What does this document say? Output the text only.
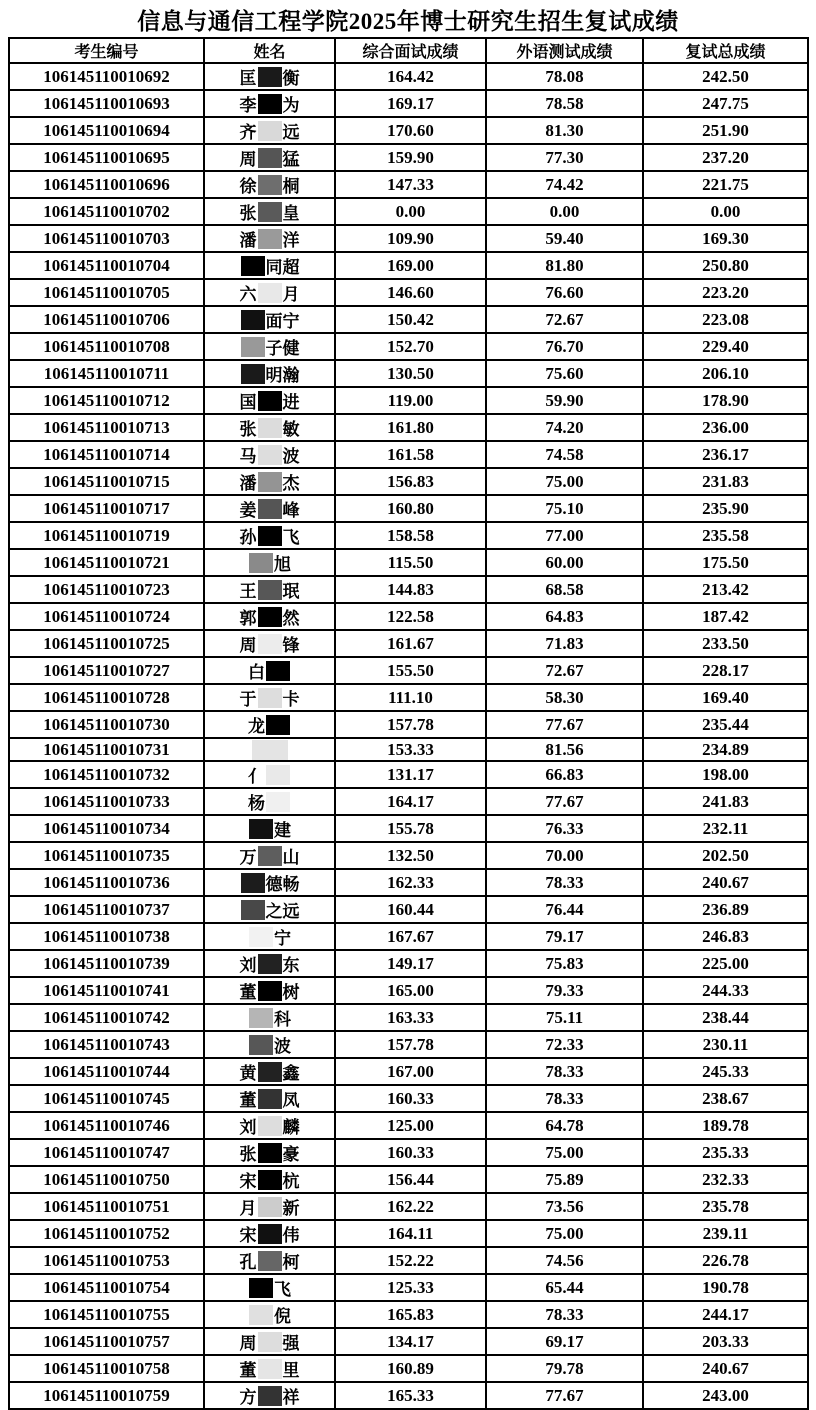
信息与通信工程学院2025年博士研究生招生复试成绩
考生编号	姓名	综合面试成绩	外语测试成绩	复试总成绩
106145110010692	匡 衡	164.42	78.08	242.50
106145110010693	李 为	169.17	78.58	247.75
106145110010694	齐 远	170.60	81.30	251.90
106145110010695	周 猛	159.90	77.30	237.20
106145110010696	徐 桐	147.33	74.42	221.75
106145110010702	张 皇	0.00	0.00	0.00
106145110010703	潘 洋	109.90	59.40	169.30
106145110010704	同超	169.00	81.80	250.80
106145110010705	六 月	146.60	76.60	223.20
106145110010706	面宁	150.42	72.67	223.08
106145110010708	子健	152.70	76.70	229.40
106145110010711	明瀚	130.50	75.60	206.10
106145110010712	国 进	119.00	59.90	178.90
106145110010713	张 敏	161.80	74.20	236.00
106145110010714	马 波	161.58	74.58	236.17
106145110010715	潘 杰	156.83	75.00	231.83
106145110010717	姜 峰	160.80	75.10	235.90
106145110010719	孙 飞	158.58	77.00	235.58
106145110010721	旭	115.50	60.00	175.50
106145110010723	王 珉	144.83	68.58	213.42
106145110010724	郭 然	122.58	64.83	187.42
106145110010725	周 锋	161.67	71.83	233.50
106145110010727	白	155.50	72.67	228.17
106145110010728	于 卡	111.10	58.30	169.40
106145110010730	龙	157.78	77.67	235.44
106145110010731		153.33	81.56	234.89
106145110010732	亻	131.17	66.83	198.00
106145110010733	杨	164.17	77.67	241.83
106145110010734	建	155.78	76.33	232.11
106145110010735	万 山	132.50	70.00	202.50
106145110010736	德畅	162.33	78.33	240.67
106145110010737	之远	160.44	76.44	236.89
106145110010738	宁	167.67	79.17	246.83
106145110010739	刘 东	149.17	75.83	225.00
106145110010741	董 树	165.00	79.33	244.33
106145110010742	科	163.33	75.11	238.44
106145110010743	波	157.78	72.33	230.11
106145110010744	黄 鑫	167.00	78.33	245.33
106145110010745	董 凤	160.33	78.33	238.67
106145110010746	刘 麟	125.00	64.78	189.78
106145110010747	张 豪	160.33	75.00	235.33
106145110010750	宋 杭	156.44	75.89	232.33
106145110010751	月 新	162.22	73.56	235.78
106145110010752	宋 伟	164.11	75.00	239.11
106145110010753	孔 柯	152.22	74.56	226.78
106145110010754	飞	125.33	65.44	190.78
106145110010755	倪	165.83	78.33	244.17
106145110010757	周 强	134.17	69.17	203.33
106145110010758	董 里	160.89	79.78	240.67
106145110010759	方 祥	165.33	77.67	243.00
